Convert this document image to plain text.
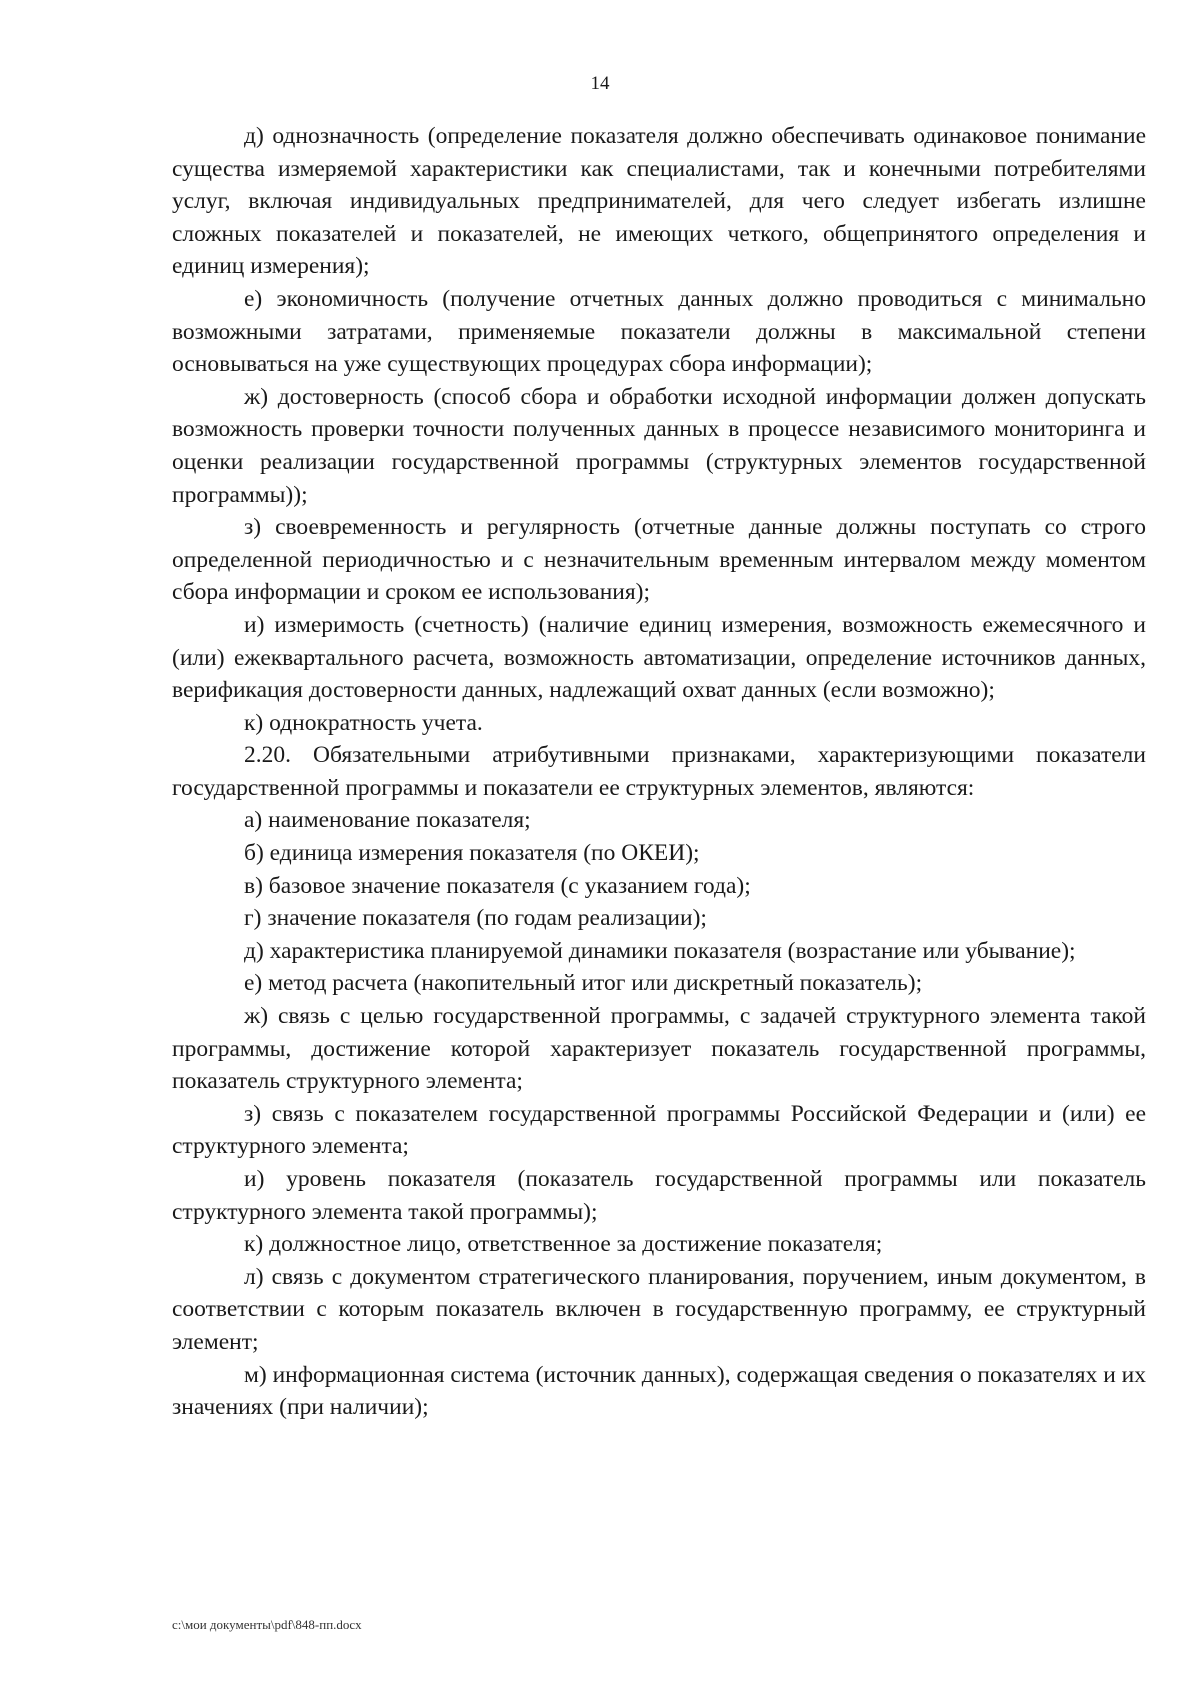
14

д) однозначность (определение показателя должно обеспечивать одинаковое понимание существа измеряемой характеристики как специалистами, так и конечными потребителями услуг, включая индивидуальных предпринимателей, для чего следует избегать излишне сложных показателей и показателей, не имеющих четкого, общепринятого определения и единиц измерения);

е) экономичность (получение отчетных данных должно проводиться с минимально возможными затратами, применяемые показатели должны в максимальной степени основываться на уже существующих процедурах сбора информации);

ж) достоверность (способ сбора и обработки исходной информации должен допускать возможность проверки точности полученных данных в процессе независимого мониторинга и оценки реализации государственной программы (структурных элементов государственной программы));

з) своевременность и регулярность (отчетные данные должны поступать со строго определенной периодичностью и с незначительным временным интервалом между моментом сбора информации и сроком ее использования);

и) измеримость (счетность) (наличие единиц измерения, возможность ежемесячного и (или) ежеквартального расчета, возможность автоматизации, определение источников данных, верификация достоверности данных, надлежащий охват данных (если возможно);

к) однократность учета.

2.20. Обязательными атрибутивными признаками, характеризующими показатели государственной программы и показатели ее структурных элементов, являются:

а) наименование показателя;

б) единица измерения показателя (по ОКЕИ);

в) базовое значение показателя (с указанием года);

г) значение показателя (по годам реализации);

д) характеристика планируемой динамики показателя (возрастание или убывание);

е) метод расчета (накопительный итог или дискретный показатель);

ж) связь с целью государственной программы, с задачей структурного элемента такой программы, достижение которой характеризует показатель государственной программы, показатель структурного элемента;

з) связь с показателем государственной программы Российской Федерации и (или) ее структурного элемента;

и) уровень показателя (показатель государственной программы или показатель структурного элемента такой программы);

к) должностное лицо, ответственное за достижение показателя;

л) связь с документом стратегического планирования, поручением, иным документом, в соответствии с которым показатель включен в государственную программу, ее структурный элемент;

м) информационная система (источник данных), содержащая сведения о показателях и их значениях (при наличии);

c:\мои документы\pdf\848-пп.docx
